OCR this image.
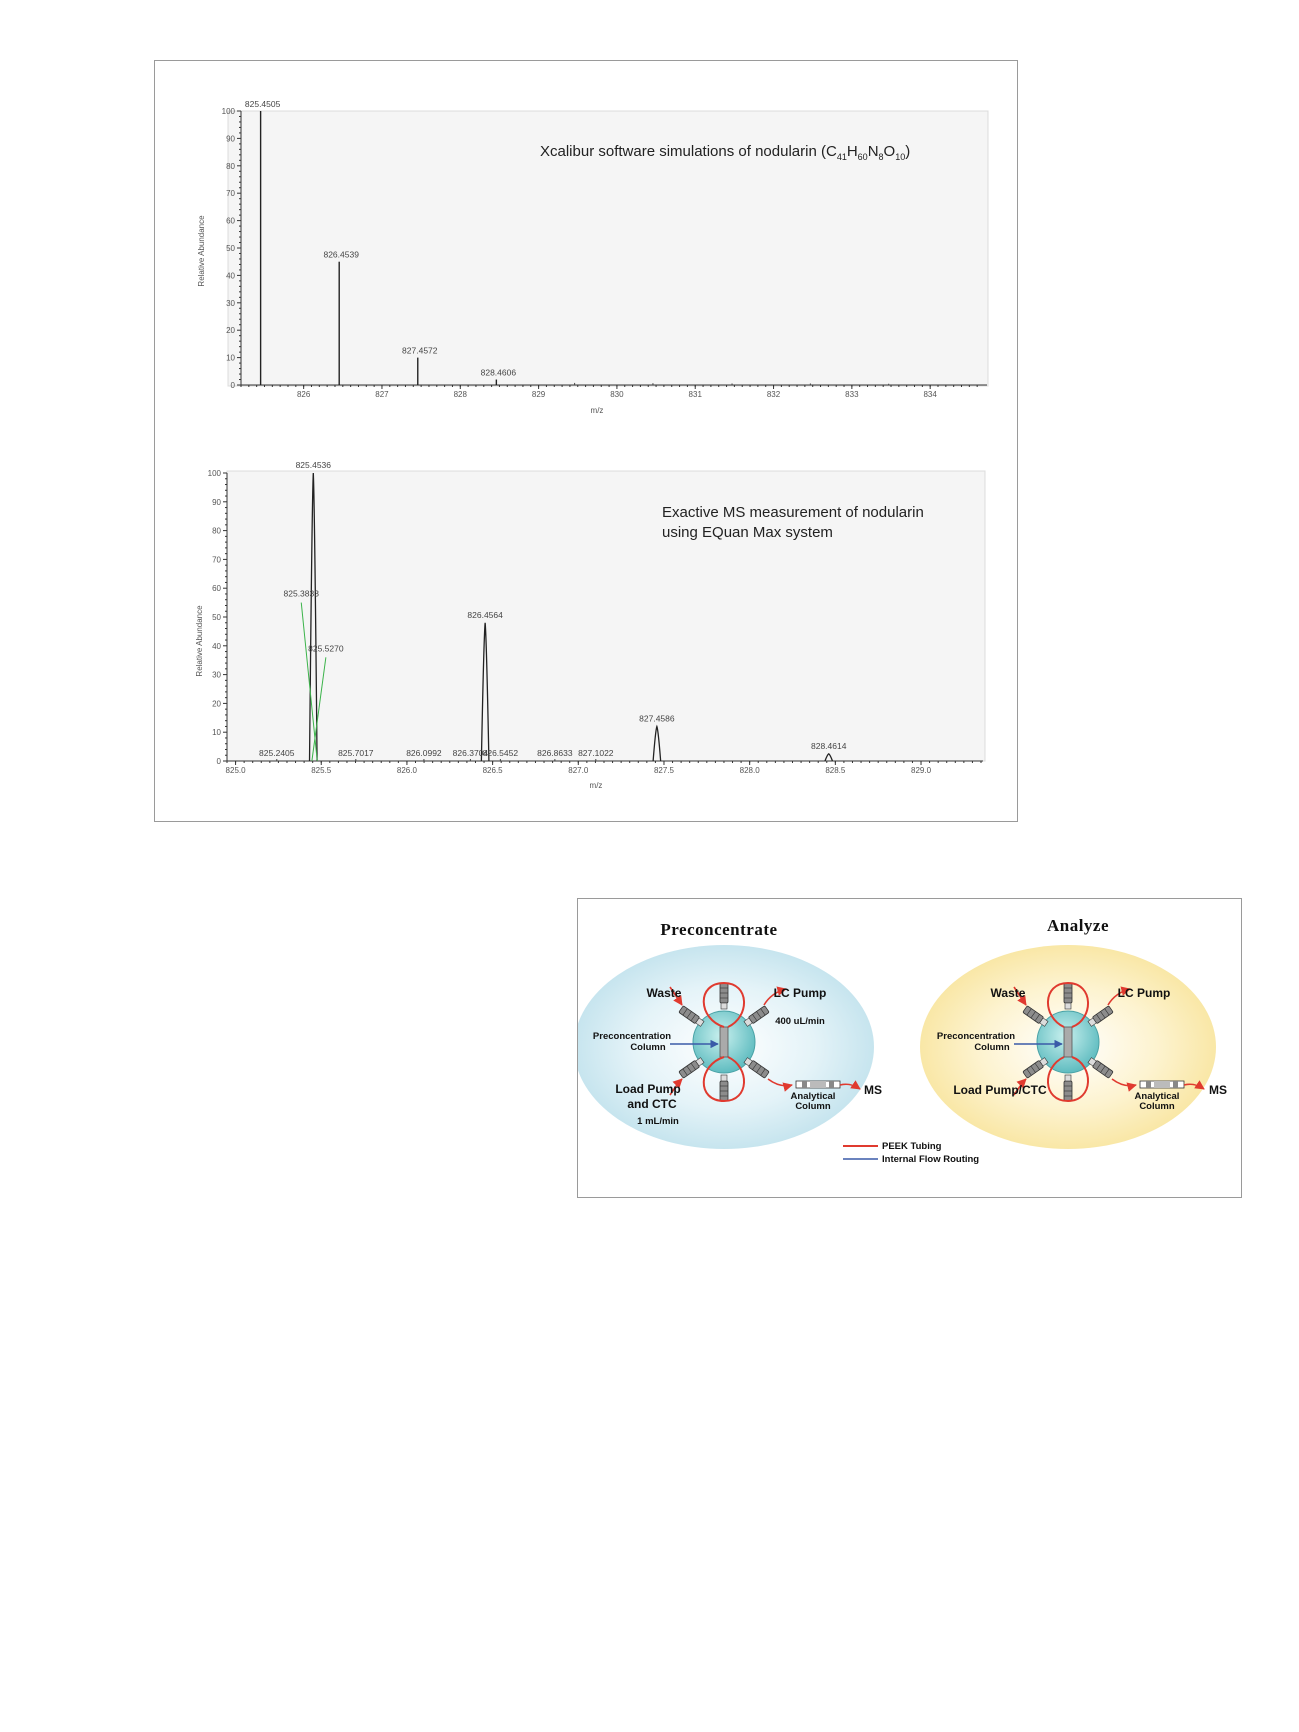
Xcalibur software simulations of nodularin $(C_{41}H_{60}N_8O_{10})$
Relative Abundance
m/z
0
10
20
30
40
50
60
70
80
90
100
826	827	828	829	830	831	832	833	834
825.4505
826.4539
827.4572
828.4606
Exactive MS measurement of nodularin
using EQuan Max system
Relative Abundance
m/z
0
10
20
30
40
50
60
70
80
90
100
825.0	825.5	826.0	826.5	827.0	827.5	828.0	828.5	829.0
825.4536
826.4564
827.4586
828.4614
825.3833
825.5270
825.2405	825.7017	826.0992 826.3704
826.5452 826.8633 827.1022
Preconcentrate
Waste	LC Pump
400 uL/min
Preconcentration
Column
Load Pump
and CTC
1 mL/min
Analytical
Column
MS
Analyze
Waste	LC Pump
Preconcentration
Column
Load Pump/CTC	Analytical
Column
MS
PEEK Tubing
Internal Flow Routing
